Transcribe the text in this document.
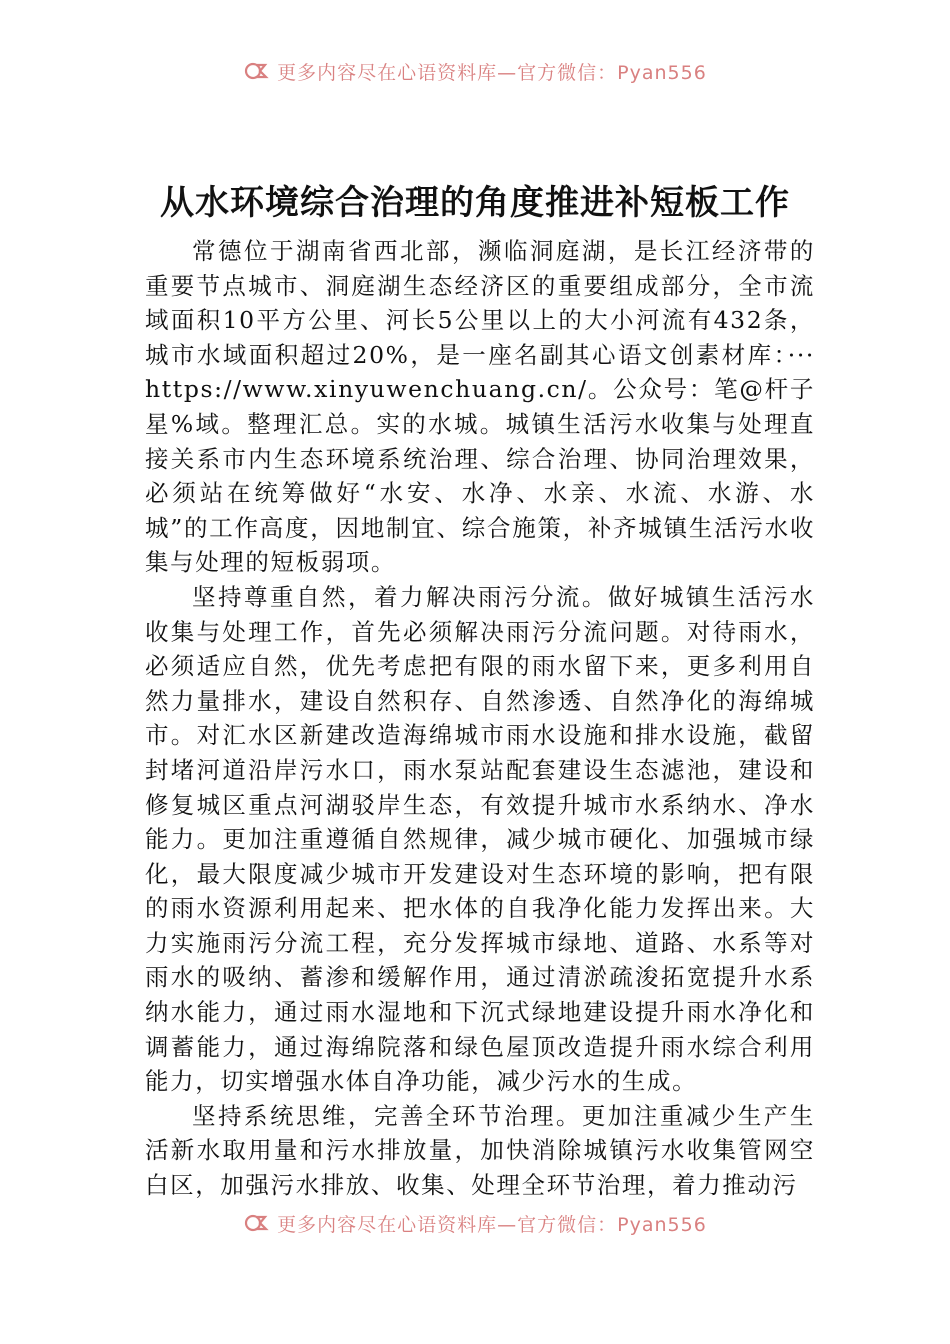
更多内容尽在心语资料库—官方微信：Pyan556
从水环境综合治理的角度推进补短板工作

常德位于湖南省西北部，濒临洞庭湖，是长江经济带的重要节点城市、洞庭湖生态经济区的重要组成部分，全市流域面积10平方公里、河长5公里以上的大小河流有432条，城市水域面积超过20%，是一座名副其心语文创素材库：··· https://www.xinyuwenchuang.cn/。公众号：笔@杆子星%域。整理汇总。实的水城。城镇生活污水收集与处理直接关系市内生态环境系统治理、综合治理、协同治理效果，必须站在统筹做好“水安、水净、水亲、水流、水游、水城”的工作高度，因地制宜、综合施策，补齐城镇生活污水收集与处理的短板弱项。

坚持尊重自然，着力解决雨污分流。做好城镇生活污水收集与处理工作，首先必须解决雨污分流问题。对待雨水，必须适应自然，优先考虑把有限的雨水留下来，更多利用自然力量排水，建设自然积存、自然渗透、自然净化的海绵城市。对汇水区新建改造海绵城市雨水设施和排水设施，截留封堵河道沿岸污水口，雨水泵站配套建设生态滤池，建设和修复城区重点河湖驳岸生态，有效提升城市水系纳水、净水能力。更加注重遵循自然规律，减少城市硬化、加强城市绿化，最大限度减少城市开发建设对生态环境的影响，把有限的雨水资源利用起来、把水体的自我净化能力发挥出来。大力实施雨污分流工程，充分发挥城市绿地、道路、水系等对雨水的吸纳、蓄渗和缓解作用，通过清淤疏浚拓宽提升水系纳水能力，通过雨水湿地和下沉式绿地建设提升雨水净化和调蓄能力，通过海绵院落和绿色屋顶改造提升雨水综合利用能力，切实增强水体自净功能，减少污水的生成。

坚持系统思维，完善全环节治理。更加注重减少生产生活新水取用量和污水排放量，加快消除城镇污水收集管网空白区，加强污水排放、收集、处理全环节治理，着力推动污

更多内容尽在心语资料库—官方微信：Pyan556
